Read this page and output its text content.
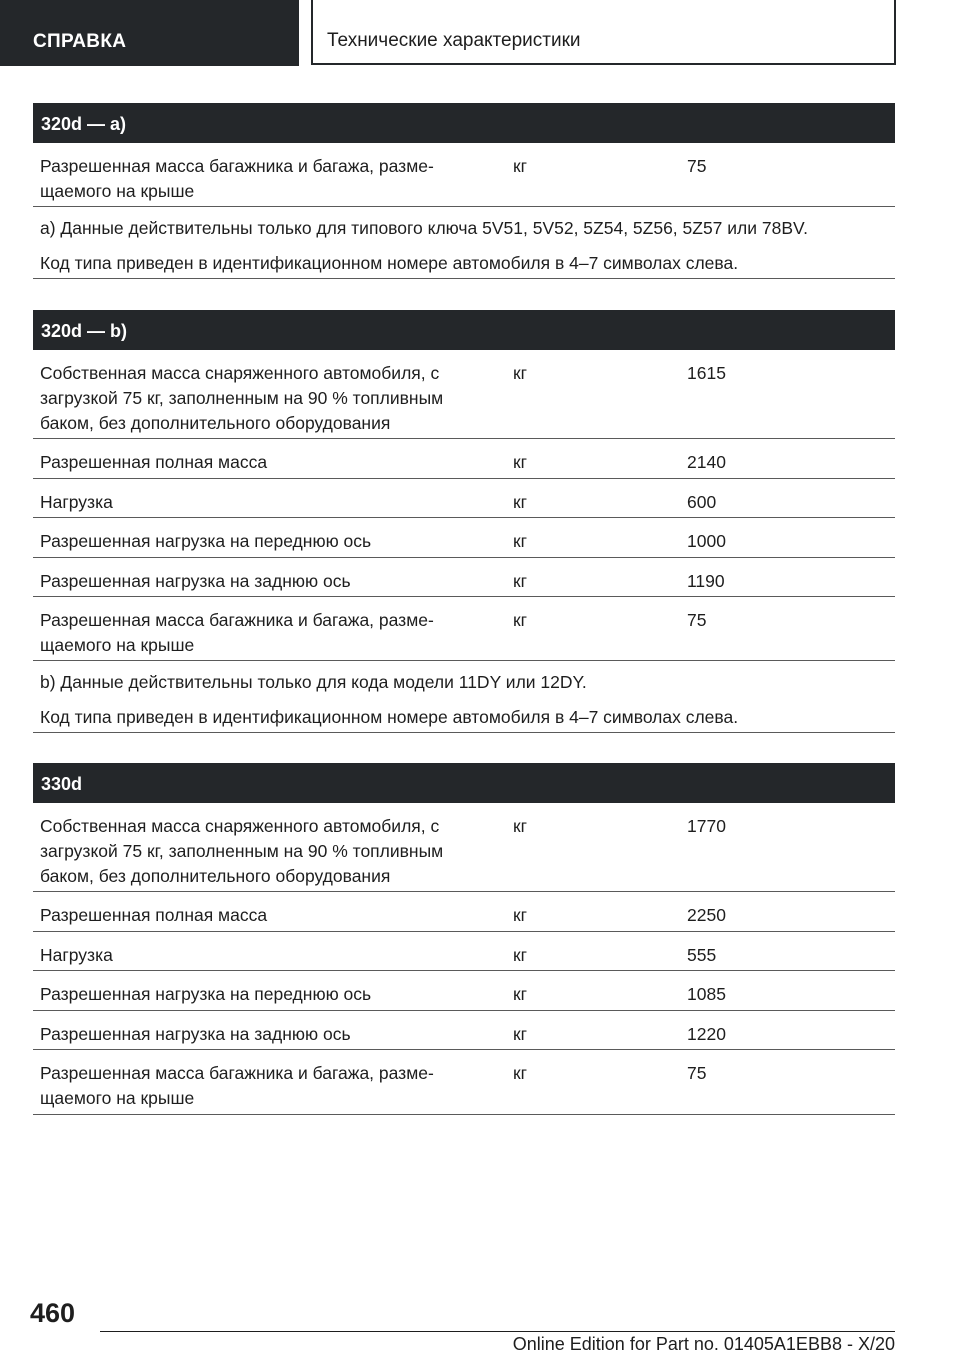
СПРАВКА	Технические характеристики
320d — a)
Разрешенная масса багажника и багажа, разме-
щаемого на крыше
кг	75

a) Данные действительны только для типового ключа 5V51, 5V52, 5Z54, 5Z56, 5Z57 или 78BV.

Код типа приведен в идентификационном номере автомобиля в 4–7 символах слева.

320d — b)
Собственная масса снаряженного автомобиля, с
загрузкой 75 кг, заполненным на 90 % топливным
баком, без дополнительного оборудования
кг	1615
Разрешенная полная масса	кг	2140
Нагрузка	кг	600
Разрешенная нагрузка на переднюю ось	кг	1000
Разрешенная нагрузка на заднюю ось	кг	1190
Разрешенная масса багажника и багажа, разме-
щаемого на крыше
кг	75

b) Данные действительны только для кода модели 11DY или 12DY.

Код типа приведен в идентификационном номере автомобиля в 4–7 символах слева.

330d
Собственная масса снаряженного автомобиля, с
загрузкой 75 кг, заполненным на 90 % топливным
баком, без дополнительного оборудования
кг	1770
Разрешенная полная масса	кг	2250
Нагрузка	кг	555
Разрешенная нагрузка на переднюю ось	кг	1085
Разрешенная нагрузка на заднюю ось	кг	1220
Разрешенная масса багажника и багажа, разме-
щаемого на крыше
кг	75
460
Online Edition for Part no. 01405A1EBB8 - X/20
